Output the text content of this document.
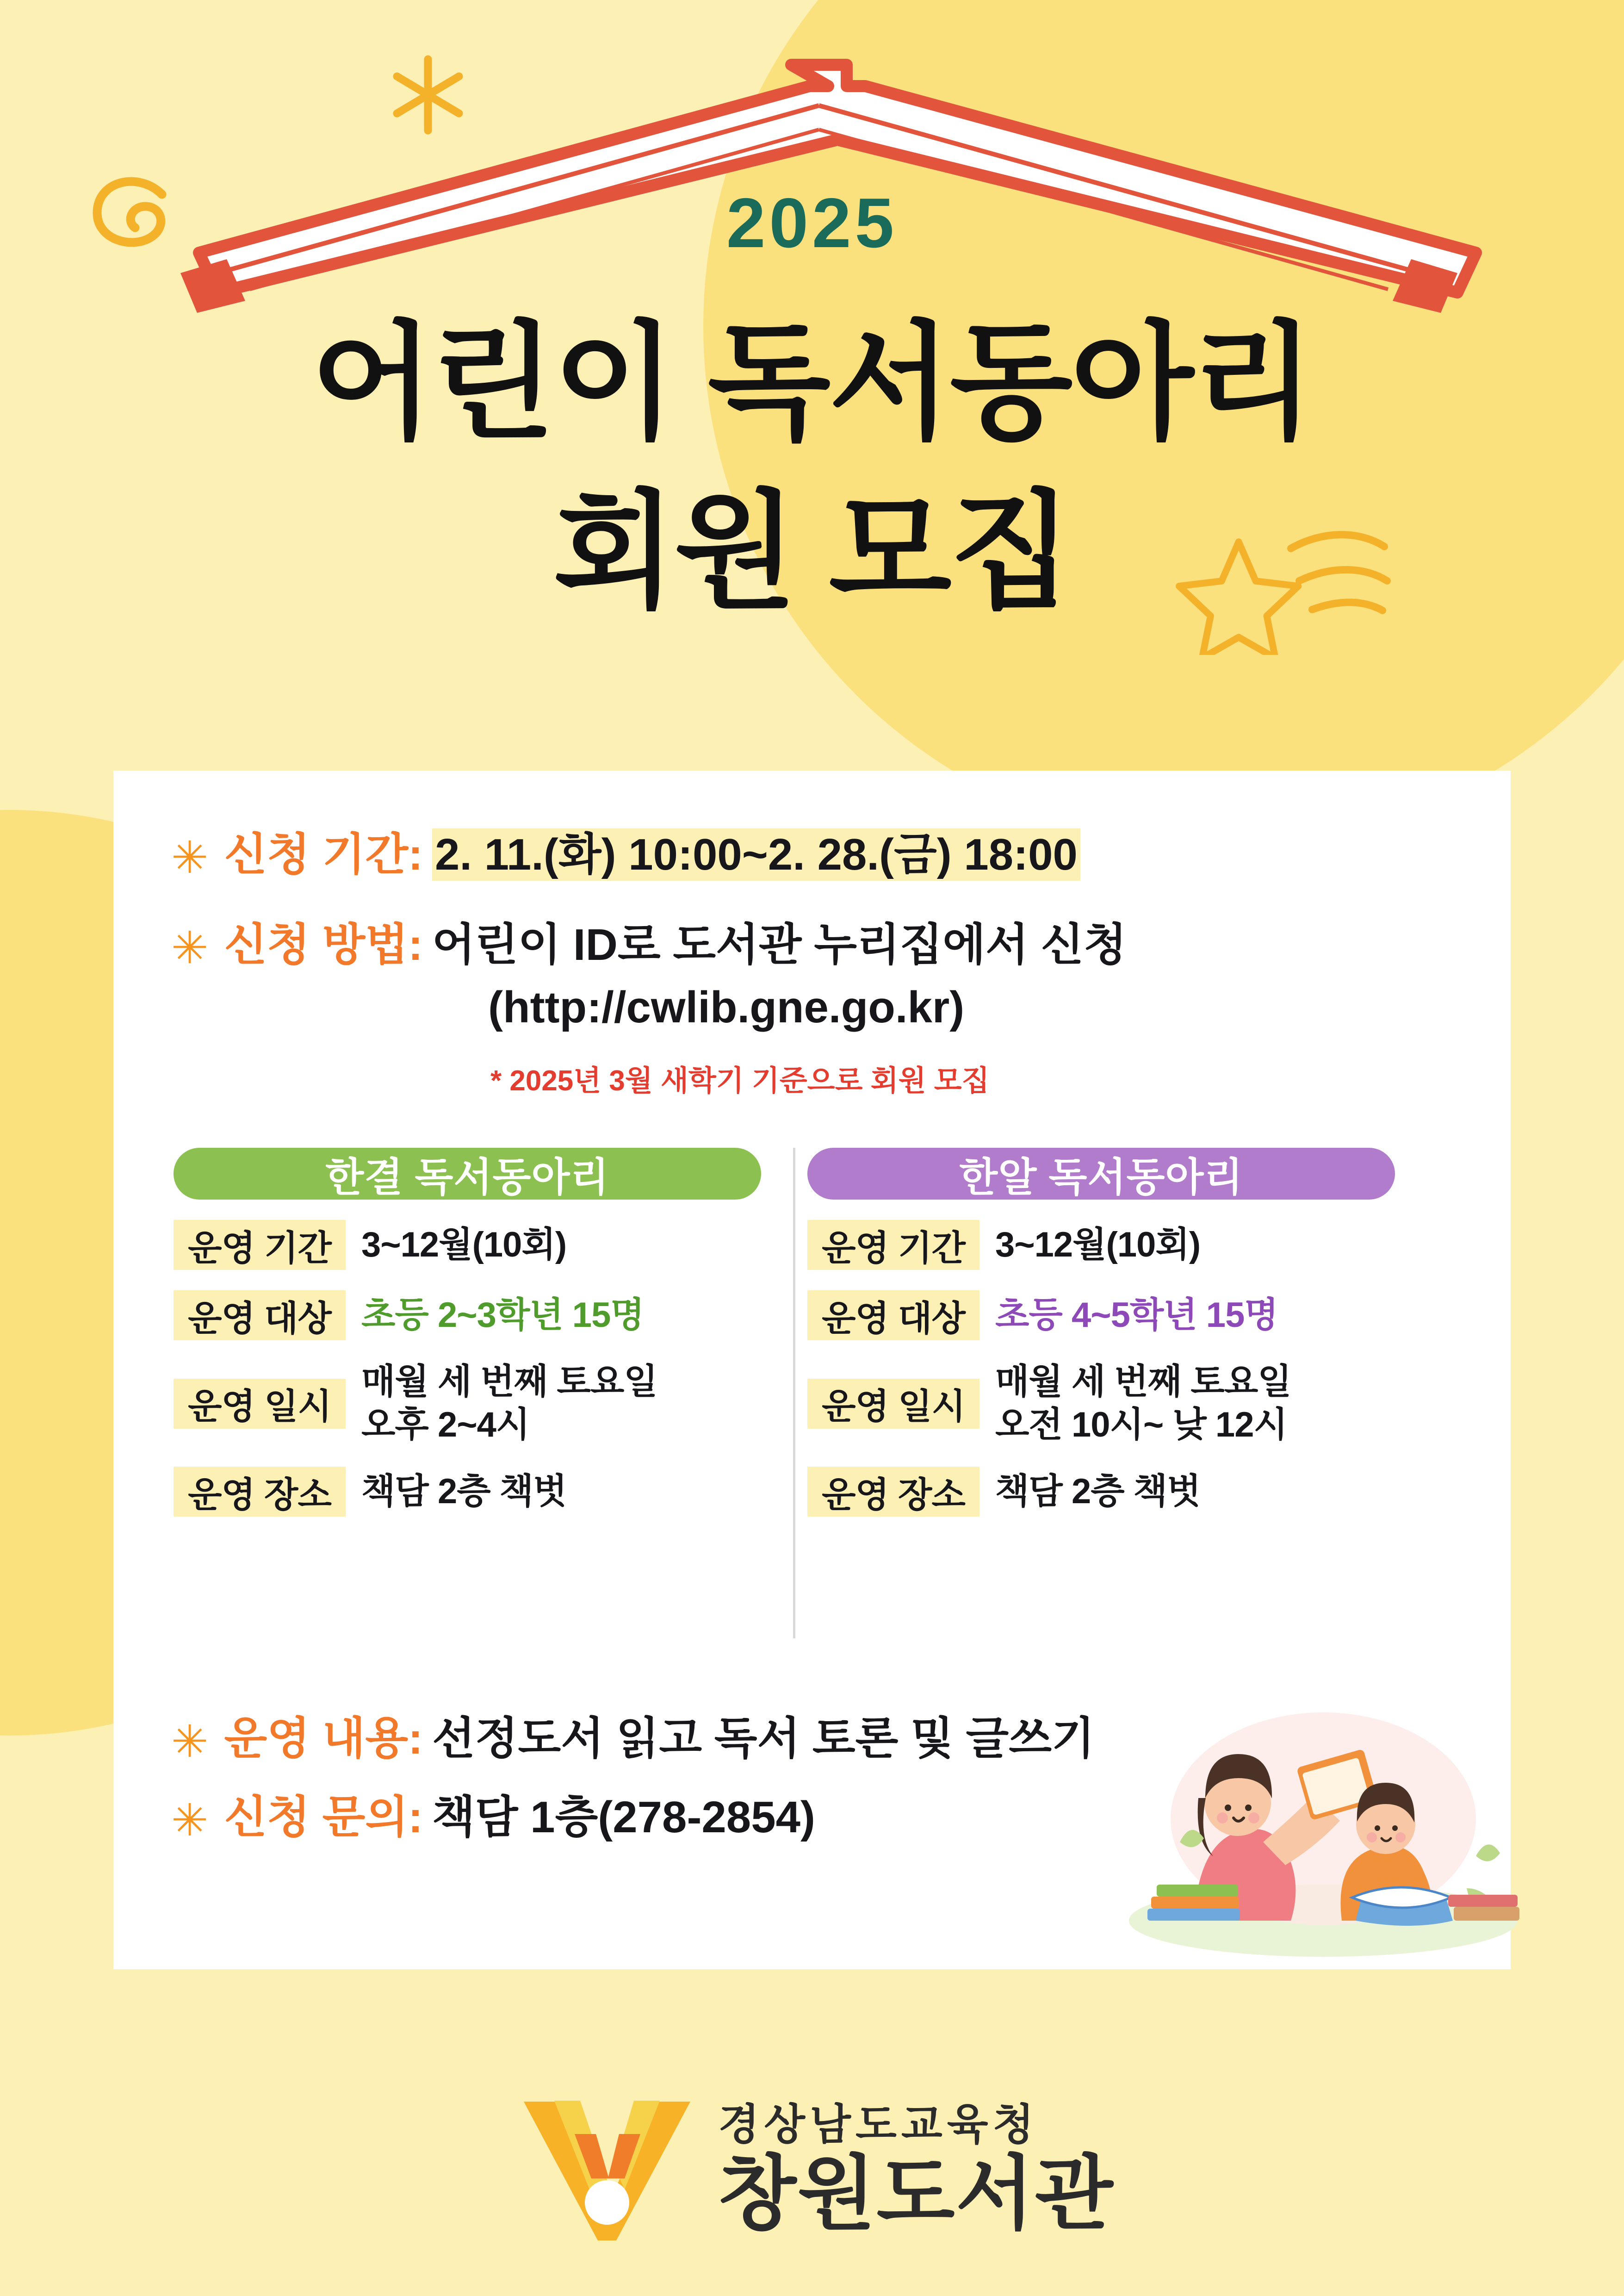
2025
어린이 독서동아리
회원 모집
✳ 신청 기간: 2. 11.(화) 10:00~2. 28.(금) 18:00
✳ 신청 방법: 어린이 ID로 도서관 누리집에서 신청
(http://cwlib.gne.go.kr)
* 2025년 3월 새학기 기준으로 회원 모집
한결 독서동아리
운영 기간 3~12월(10회)
운영 대상 초등 2~3학년 15명
운영 일시
매월 세 번째 토요일
오후 2~4시
운영 장소 책담 2층 책벗
한알 독서동아리
운영 기간 3~12월(10회)
운영 대상 초등 4~5학년 15명
운영 일시
매월 세 번째 토요일
오전 10시~ 낮 12시
운영 장소 책담 2층 책벗
✳ 운영 내용: 선정도서 읽고 독서 토론 및 글쓰기
✳ 신청 문의: 책담 1층(278-2854)
경상남도교육청
창원도서관
